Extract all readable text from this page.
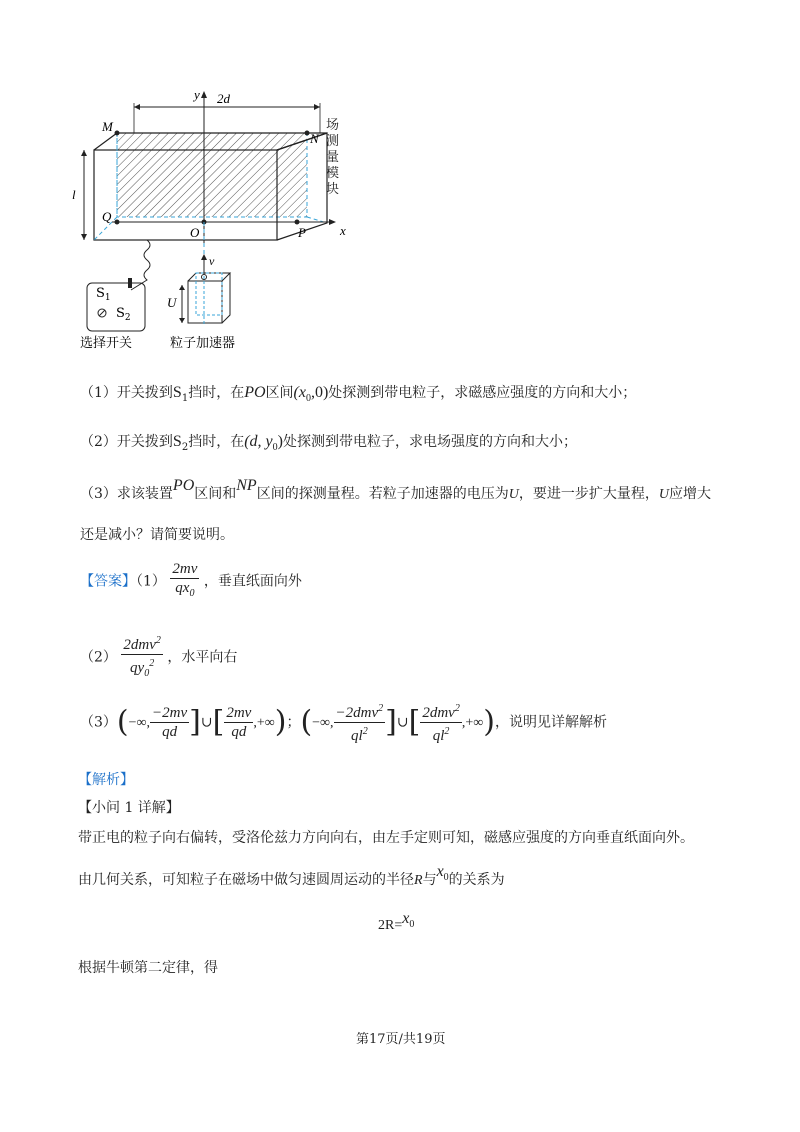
y 2d
M
N
l
Q
O	P	x
v
U
$S_1$
$S_2$
选择开关	粒子加速器
场测量模块
（1）开关拨到$S_1$挡时，在PO区间$(x_0,0)$处探测到带电粒子，求磁感应强度的方向和大小；
（2）开关拨到$S_2$挡时，在(d, $y_0$)处探测到带电粒子，求电场强度的方向和大小；
（3）求该装置PO区间和NP区间的探测量程。若粒子加速器的电压为U，要进一步扩大量程，U应增大
还是减小？请简要说明。
【答案】$(1) \frac{2mv}{qx_0}$ ，垂直纸面向外
$(2) \frac{2dmv^2}{qy_0^2}$ ，水平向右
（3）(−∞, $\frac{-2mv}{qd}$ ]∪[ $\frac{2mv}{qd}$ ,+∞)；(−∞, $\frac{-2dmv^2}{ql^2}$ ]∪[ $\frac{2dmv^2}{ql^2}$ ,+∞)，说明见详解解析
【解析】
【小问 1 详解】
带正电的粒子向右偏转，受洛伦兹力方向向右，由左手定则可知，磁感应强度的方向垂直纸面向外。
由几何关系，可知粒子在磁场中做匀速圆周运动的半径R与$x_0$的关系为
$2R=x_0$
根据牛顿第二定律，得
第17页/共19页
